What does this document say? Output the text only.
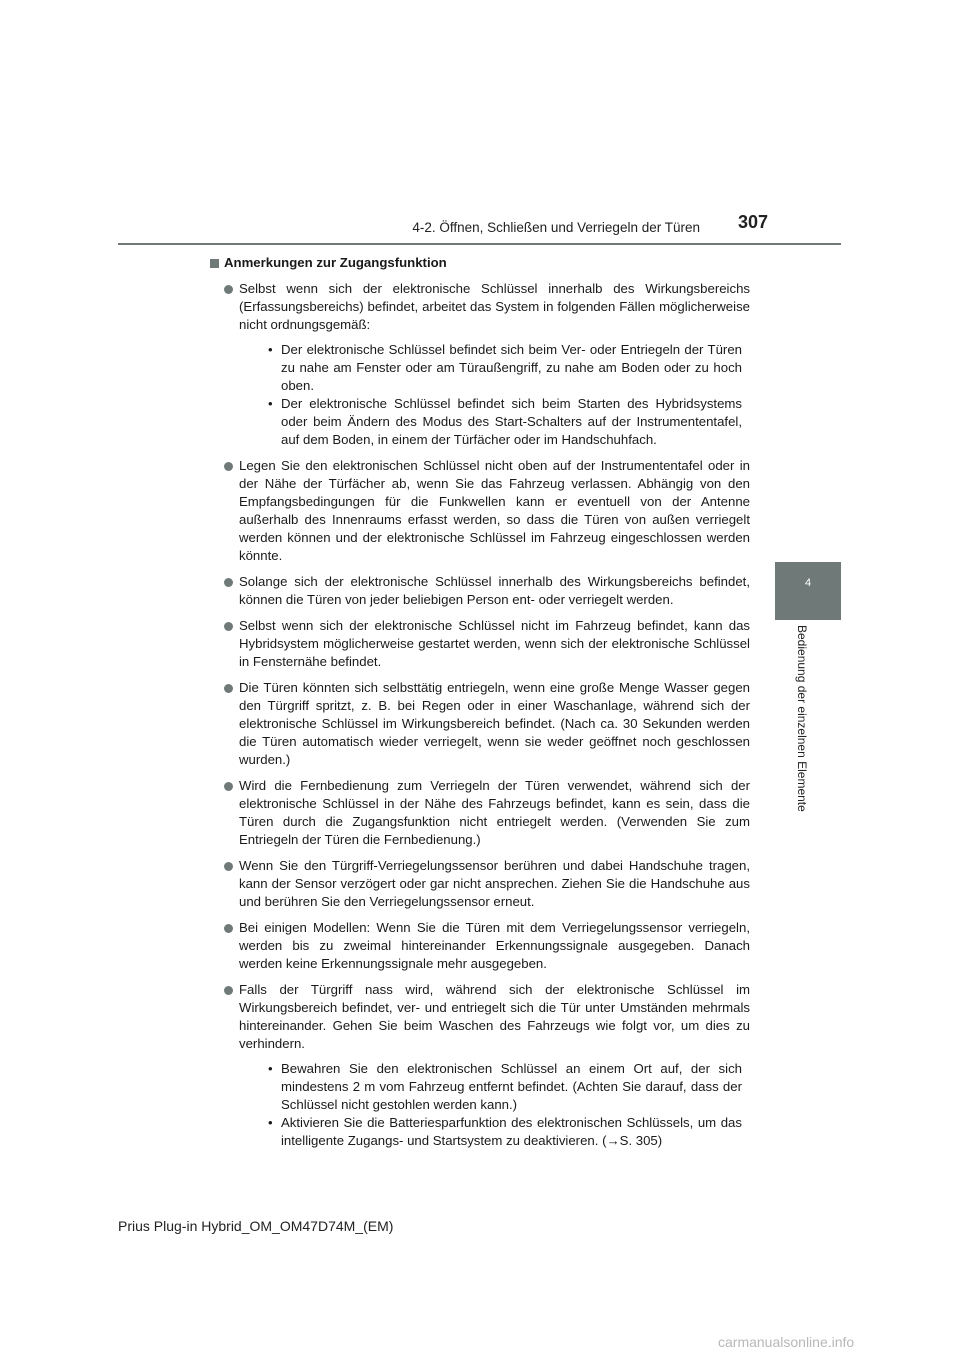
4-2. Öffnen, Schließen und Verriegeln der Türen 307
4
Bedienung der einzelnen Elemente
Anmerkungen zur Zugangsfunktion
Selbst wenn sich der elektronische Schlüssel innerhalb des Wirkungsbereichs (Erfassungsbereichs) befindet, arbeitet das System in folgenden Fällen möglicherweise nicht ordnungsgemäß:
• Der elektronische Schlüssel befindet sich beim Ver- oder Entriegeln der Türen zu nahe am Fenster oder am Türaußengriff, zu nahe am Boden oder zu hoch oben.
• Der elektronische Schlüssel befindet sich beim Starten des Hybridsystems oder beim Ändern des Modus des Start-Schalters auf der Instrumententafel, auf dem Boden, in einem der Türfächer oder im Handschuhfach.
Legen Sie den elektronischen Schlüssel nicht oben auf der Instrumententafel oder in der Nähe der Türfächer ab, wenn Sie das Fahrzeug verlassen. Abhängig von den Empfangsbedingungen für die Funkwellen kann er eventuell von der Antenne außerhalb des Innenraums erfasst werden, so dass die Türen von außen verriegelt werden können und der elektronische Schlüssel im Fahrzeug eingeschlossen werden könnte.
Solange sich der elektronische Schlüssel innerhalb des Wirkungsbereichs befindet, können die Türen von jeder beliebigen Person ent- oder verriegelt werden.
Selbst wenn sich der elektronische Schlüssel nicht im Fahrzeug befindet, kann das Hybridsystem möglicherweise gestartet werden, wenn sich der elektronische Schlüssel in Fensternähe befindet.
Die Türen könnten sich selbsttätig entriegeln, wenn eine große Menge Wasser gegen den Türgriff spritzt, z. B. bei Regen oder in einer Waschanlage, während sich der elektronische Schlüssel im Wirkungsbereich befindet. (Nach ca. 30 Sekunden werden die Türen automatisch wieder verriegelt, wenn sie weder geöffnet noch geschlossen wurden.)
Wird die Fernbedienung zum Verriegeln der Türen verwendet, während sich der elektronische Schlüssel in der Nähe des Fahrzeugs befindet, kann es sein, dass die Türen durch die Zugangsfunktion nicht entriegelt werden. (Verwenden Sie zum Entriegeln der Türen die Fernbedienung.)
Wenn Sie den Türgriff-Verriegelungssensor berühren und dabei Handschuhe tragen, kann der Sensor verzögert oder gar nicht ansprechen. Ziehen Sie die Handschuhe aus und berühren Sie den Verriegelungssensor erneut.
Bei einigen Modellen: Wenn Sie die Türen mit dem Verriegelungssensor verriegeln, werden bis zu zweimal hintereinander Erkennungssignale ausgegeben. Danach werden keine Erkennungssignale mehr ausgegeben.
Falls der Türgriff nass wird, während sich der elektronische Schlüssel im Wirkungsbereich befindet, ver- und entriegelt sich die Tür unter Umständen mehrmals hintereinander. Gehen Sie beim Waschen des Fahrzeugs wie folgt vor, um dies zu verhindern.
• Bewahren Sie den elektronischen Schlüssel an einem Ort auf, der sich mindestens 2 m vom Fahrzeug entfernt befindet. (Achten Sie darauf, dass der Schlüssel nicht gestohlen werden kann.)
• Aktivieren Sie die Batteriesparfunktion des elektronischen Schlüssels, um das intelligente Zugangs- und Startsystem zu deaktivieren. (→S. 305)
Prius Plug-in Hybrid_OM_OM47D74M_(EM)
carmanualsonline.info
